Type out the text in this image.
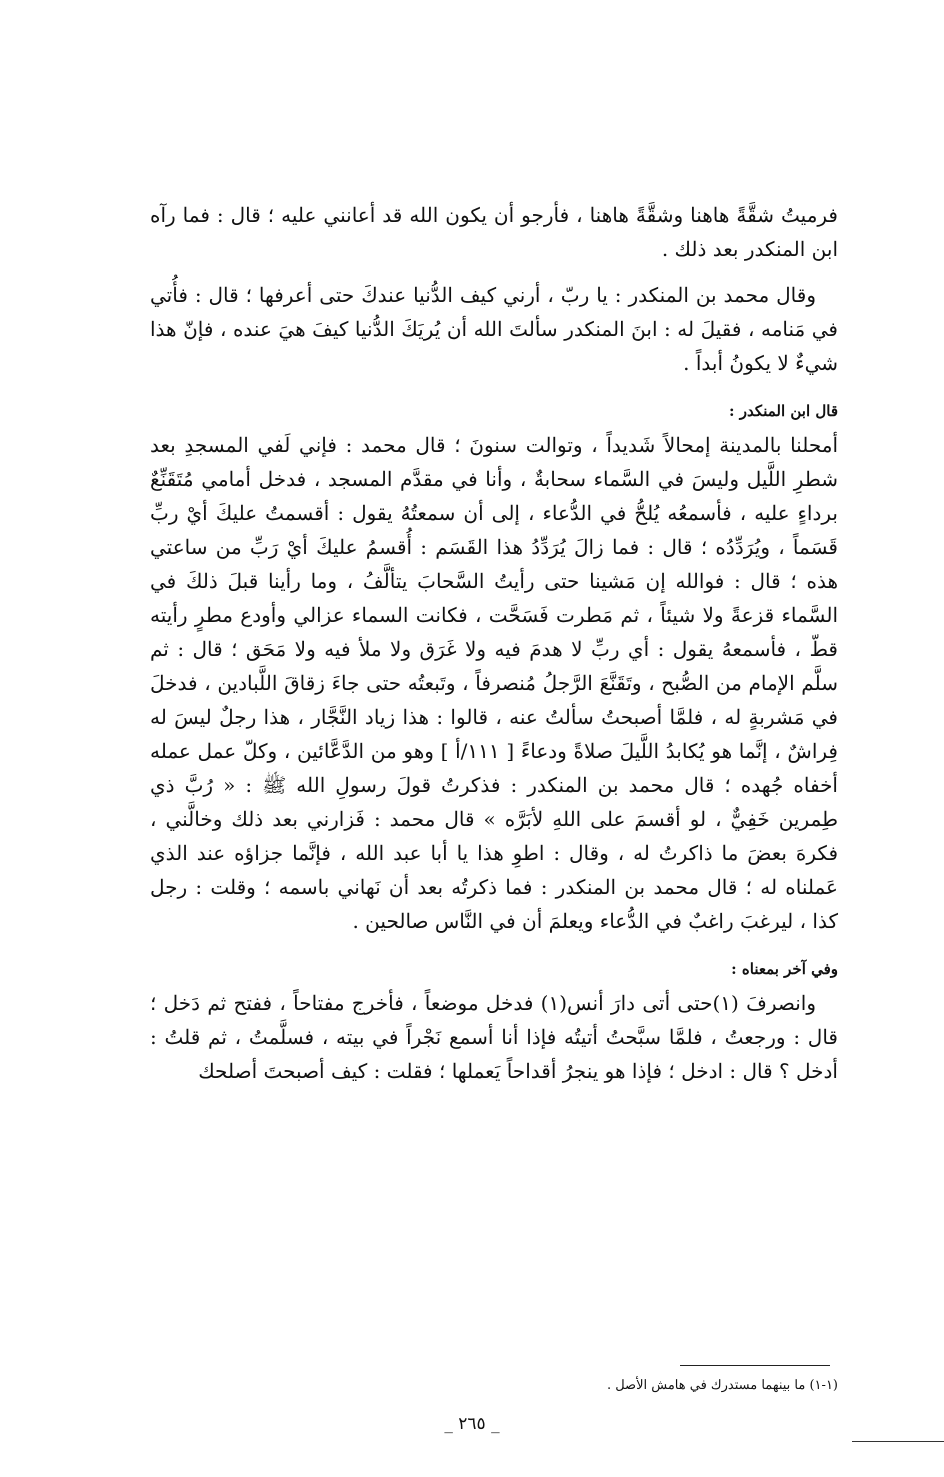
فرميتُ شقَّةً هاهنا وشقَّةً هاهنا ، فأرجو أن يكون الله قد أعانني عليه ؛ قال : فما رآه ابن المنكدر بعد ذلك .

وقال محمد بن المنكدر : يا ربّ ، أرني كيف الدُّنيا عندكَ حتى أعرفها ؛ قال : فأُتي في مَنامه ، فقيلَ له : ابنَ المنكدر سألتَ الله أن يُريَكَ الدُّنيا كيفَ هيَ عنده ، فإنّ هذا شيءٌ لا يكونُ أبداً .

قال ابن المنكدر :

أمحلنا بالمدينة إمحالاً شَديداً ، وتوالت سنونَ ؛ قال محمد : فإني لَفي المسجدِ بعد شطرِ اللَّيل وليسَ في السَّماء سحابةٌ ، وأنا في مقدَّم المسجد ، فدخل أمامي مُتَقَنِّعٌ برداءٍ عليه ، فأسمعُه يُلحُّ في الدُّعاء ، إلى أن سمعتُهُ يقول : أقسمتُ عليكَ أيْ ربِّ قَسَماً ، ويُرَدِّدُه ؛ قال : فما زالَ يُرَدِّدُ هذا القَسَم : أُقسمُ عليكَ أيْ رَبِّ من ساعتي هذه ؛ قال : فوالله إن مَشينا حتى رأيتُ السَّحابَ يتألَّفُ ، وما رأينا قبلَ ذلكَ في السَّماء قزعةً ولا شيئاً ، ثم مَطرت فَسَحَّت ، فكانت السماء عزالي وأودع مطرٍ رأيته قطّ ، فأسمعهُ يقول : أي ربِّ لا هدمَ فيه ولا غَرَق ولا ملأ فيه ولا مَحَق ؛ قال : ثم سلَّم الإمام من الصُّبح ، وتَقَنَّعَ الرَّجلُ مُنصرفاً ، وتَبعتُه حتى جاءَ زقاقَ اللَّبادين ، فدخلَ في مَشربةٍ له ، فلمَّا أصبحتُ سألتُ عنه ، قالوا : هذا زياد النَّجَّار ، هذا رجلٌ ليسَ له فِراشٌ ، إنَّما هو يُكابدُ اللَّيلَ صلاةً ودعاءً [ ١١١/أ ] وهو من الدَّعَّائين ، وكلّ عمل عمله أخفاه جُهده ؛ قال محمد بن المنكدر : فذكرتُ قولَ رسولِ الله ﷺ : « رُبَّ ذي طِمرين خَفِيٌّ ، لو أقسمَ على اللهِ لأبَرَّه » قال محمد : فَزارني بعد ذلك وخالَّني ، فكرهَ بعضَ ما ذاكرتُ له ، وقال : اطوِ هذا يا أبا عبد الله ، فإنَّما جزاؤه عند الذي عَملناه له ؛ قال محمد بن المنكدر : فما ذكرتُه بعد أن نَهاني باسمه ؛ وقلت : رجل كذا ، ليرغبَ راغبٌ في الدُّعاء ويعلمَ أن في النَّاس صالحين .

وفي آخر بمعناه :

وانصرفَ (١)حتى أتى دارَ أنس(١) فدخل موضعاً ، فأخرج مفتاحاً ، ففتح ثم دَخل ؛ قال : ورجعتُ ، فلمَّا سبَّحتُ أتيتُه فإذا أنا أسمع نَجْراً في بيته ، فسلَّمتُ ، ثم قلتُ : أدخل ؟ قال : ادخل ؛ فإذا هو ينجرُ أقداحاً يَعملها ؛ فقلت : كيف أصبحتَ أصلحك

(١-١) ما بينهما مستدرك في هامش الأصل .
_ ٢٦٥ _
